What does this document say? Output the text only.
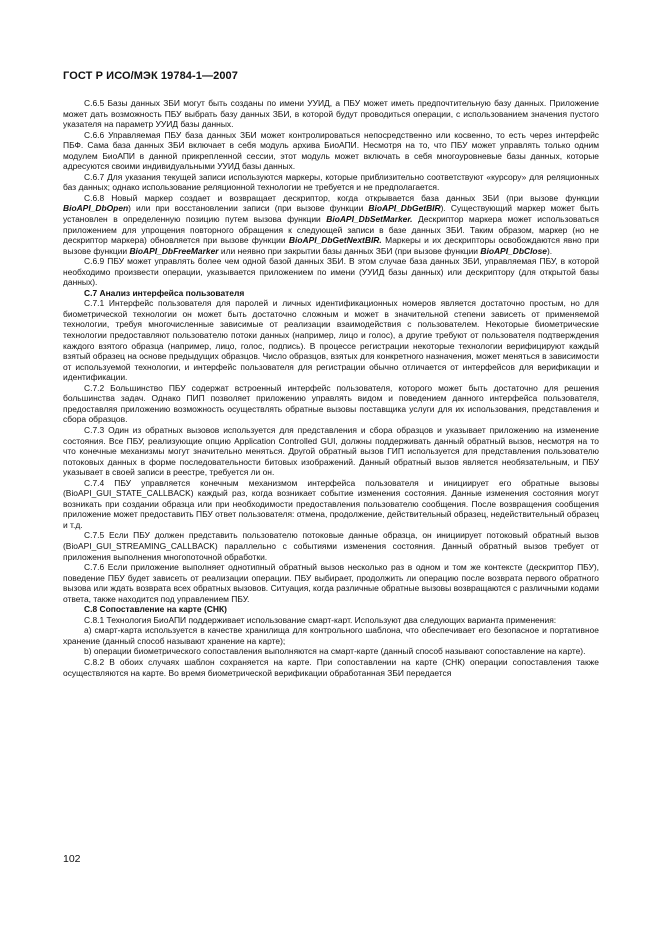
ГОСТ Р ИСО/МЭК 19784-1—2007

С.6.5 Базы данных ЗБИ могут быть созданы по имени УУИД, а ПБУ может иметь предпочтительную базу данных. Приложение может дать возможность ПБУ выбрать базу данных ЗБИ, в которой будут проводиться операции, с использованием значения пустого указателя на параметр УУИД базы данных.

С.6.6 Управляемая ПБУ база данных ЗБИ может контролироваться непосредственно или косвенно, то есть через интерфейс ПБФ. Сама база данных ЗБИ включает в себя модуль архива БиоАПИ. Несмотря на то, что ПБУ может управлять только одним модулем БиоАПИ в данной прикрепленной сессии, этот модуль может включать в себя многоуровневые базы данных, которые адресуются своими индивидуальными УУИД базы данных.

С.6.7 Для указания текущей записи используются маркеры, которые приблизительно соответствуют «курсору» для реляционных баз данных; однако использование реляционной технологии не требуется и не предполагается.

С.6.8 Новый маркер создает и возвращает дескриптор, когда открывается база данных ЗБИ (при вызове функции BioAPI_DbOpen) или при восстановлении записи (при вызове функции BioAPI_DbGetBIR). Существующий маркер может быть установлен в определенную позицию путем вызова функции BioAPI_DbSetMarker. Дескриптор маркера может использоваться приложением для упрощения повторного обращения к следующей записи в базе данных ЗБИ. Таким образом, маркер (но не дескриптор маркера) обновляется при вызове функции BioAPI_DbGetNextBIR. Маркеры и их дескрипторы освобождаются явно при вызове функции BioAPI_DbFreeMarker или неявно при закрытии базы данных ЗБИ (при вызове функции BioAPI_DbClose).

С.6.9 ПБУ может управлять более чем одной базой данных ЗБИ. В этом случае база данных ЗБИ, управляемая ПБУ, в которой необходимо произвести операции, указывается приложением по имени (УУИД базы данных) или дескриптору (для открытой базы данных).

С.7 Анализ интерфейса пользователя

С.7.1 Интерфейс пользователя для паролей и личных идентификационных номеров является достаточно простым, но для биометрической технологии он может быть достаточно сложным и может в значительной степени зависеть от применяемой технологии, требуя многочисленные зависимые от реализации взаимодействия с пользователем. Некоторые биометрические технологии предоставляют пользователю потоки данных (например, лицо и голос), а другие требуют от пользователя подтверждения каждого взятого образца (например, лицо, голос, подпись). В процессе регистрации некоторые технологии верифицируют каждый взятый образец на основе предыдущих образцов. Число образцов, взятых для конкретного назначения, может меняться в зависимости от используемой технологии, и интерфейс пользователя для регистрации обычно отличается от интерфейсов для верификации и идентификации.

С.7.2 Большинство ПБУ содержат встроенный интерфейс пользователя, которого может быть достаточно для решения большинства задач. Однако ПИП позволяет приложению управлять видом и поведением данного интерфейса пользователя, предоставляя приложению возможность осуществлять обратные вызовы поставщика услуги для их использования, представления и сбора образцов.

С.7.3 Один из обратных вызовов используется для представления и сбора образцов и указывает приложению на изменение состояния. Все ПБУ, реализующие опцию Application Controlled GUI, должны поддерживать данный обратный вызов, несмотря на то что конечные механизмы могут значительно меняться. Другой обратный вызов ГИП используется для представления пользователю потоковых данных в форме последовательности битовых изображений. Данный обратный вызов является необязательным, и ПБУ указывает в своей записи в реестре, требуется ли он.

С.7.4 ПБУ управляется конечным механизмом интерфейса пользователя и инициирует его обратные вызовы (BioAPI_GUI_STATE_CALLBACK) каждый раз, когда возникает событие изменения состояния. Данные изменения состояния могут возникать при создании образца или при необходимости предоставления пользователю сообщения. После возвращения сообщения приложение может предоставить ПБУ ответ пользователя: отмена, продолжение, действительный образец, недействительный образец и т.д.

С.7.5 Если ПБУ должен представить пользователю потоковые данные образца, он инициирует потоковый обратный вызов (BioAPI_GUI_STREAMING_CALLBACK) параллельно с событиями изменения состояния. Данный обратный вызов требует от приложения выполнения многопоточной обработки.

С.7.6 Если приложение выполняет однотипный обратный вызов несколько раз в одном и том же контексте (дескриптор ПБУ), поведение ПБУ будет зависеть от реализации операции. ПБУ выбирает, продолжить ли операцию после возврата первого обратного вызова или ждать возврата всех обратных вызовов. Ситуация, когда различные обратные вызовы возвращаются с различными кодами ответа, также находится под управлением ПБУ.

С.8 Сопоставление на карте (СНК)

С.8.1 Технология БиоАПИ поддерживает использование смарт-карт. Используют два следующих варианта применения:

а) смарт-карта используется в качестве хранилища для контрольного шаблона, что обеспечивает его безопасное и портативное хранение (данный способ называют хранение на карте);

b) операции биометрического сопоставления выполняются на смарт-карте (данный способ называют сопоставление на карте).

С.8.2 В обоих случаях шаблон сохраняется на карте. При сопоставлении на карте (СНК) операции сопоставления также осуществляются на карте. Во время биометрической верификации обработанная ЗБИ передается

102
